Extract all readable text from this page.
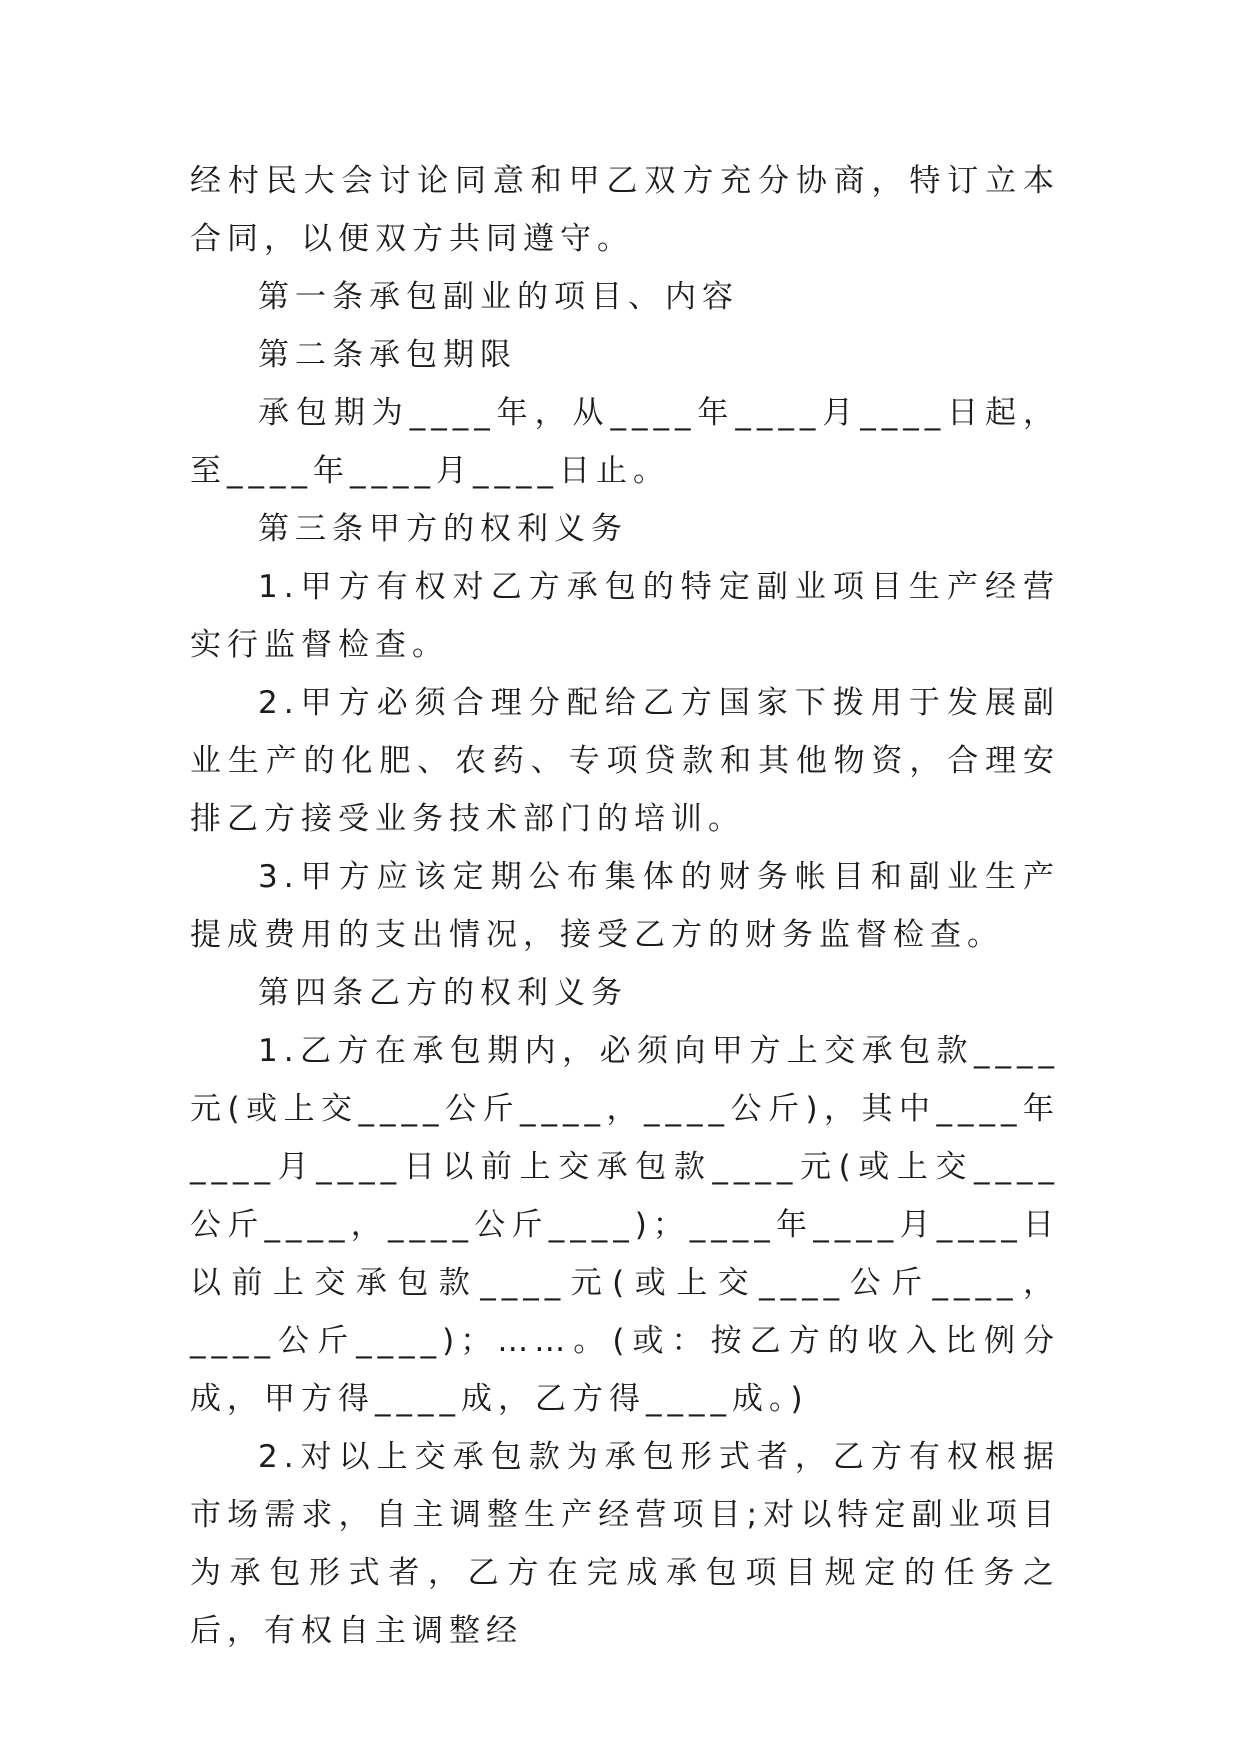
经村民大会讨论同意和甲乙双方充分协商，特订立本合同，以便双方共同遵守。

第一条承包副业的项目、内容

第二条承包期限

承包期为____年，从____年____月____日起，至____年____月____日止。

第三条甲方的权利义务

1.甲方有权对乙方承包的特定副业项目生产经营实行监督检查。

2.甲方必须合理分配给乙方国家下拨用于发展副业生产的化肥、农药、专项贷款和其他物资，合理安排乙方接受业务技术部门的培训。

3.甲方应该定期公布集体的财务帐目和副业生产提成费用的支出情况，接受乙方的财务监督检查。

第四条乙方的权利义务

1.乙方在承包期内，必须向甲方上交承包款____元(或上交____公斤____，____公斤)，其中____年____月____日以前上交承包款____元(或上交____公斤____，____公斤____)；____年____月____日以前上交承包款____元(或上交____公斤____，____公斤____)；……。(或：按乙方的收入比例分成，甲方得____成，乙方得____成。)

2.对以上交承包款为承包形式者，乙方有权根据市场需求，自主调整生产经营项目;对以特定副业项目为承包形式者，乙方在完成承包项目规定的任务之后，有权自主调整经
